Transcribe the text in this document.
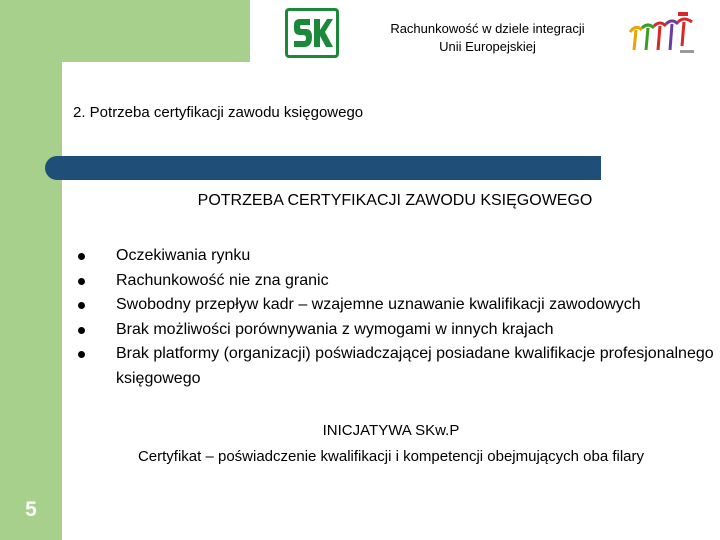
Rachunkowość w dziele integracji
Unii Europejskiej
2. Potrzeba certyfikacji zawodu księgowego
POTRZEBA CERTYFIKACJI ZAWODU KSIĘGOWEGO
Oczekiwania rynku
Rachunkowość nie zna granic
Swobodny przepływ kadr – wzajemne uznawanie kwalifikacji zawodowych
Brak możliwości porównywania z wymogami w innych krajach
Brak platformy (organizacji) poświadczającej posiadane kwalifikacje profesjonalnego księgowego
INICJATYWA SKw.P
Certyfikat – poświadczenie kwalifikacji i kompetencji obejmujących oba filary
5
